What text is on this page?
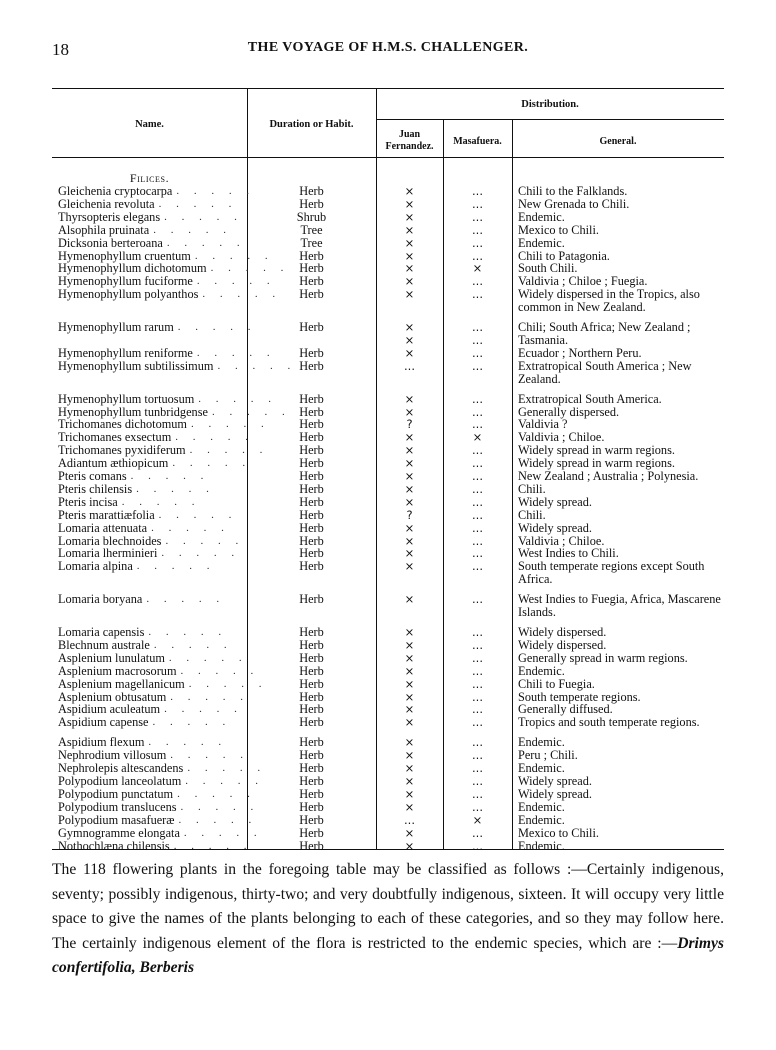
18	THE VOYAGE OF H.M.S. CHALLENGER.
Name.	Duration or Habit.
Distribution.
Juan Fernandez.	Masafuera.	General.
Filices.
Gleichenia cryptocarpa . . . . .	Herb	×	...	Chili to the Falklands.
Gleichenia revoluta . . . . .	Herb	×	...	New Grenada to Chili.
Thyrsopteris elegans . . . . .	Shrub	×	...	Endemic.
Alsophila pruinata . . . . .	Tree	×	...	Mexico to Chili.
Dicksonia berteroana . . . . .	Tree	×	...	Endemic.
Hymenophyllum cruentum . . . . .	Herb	×	...	Chili to Patagonia.
Hymenophyllum dichotomum . . . . . Herb	×	×	South Chili.
Hymenophyllum fuciforme . . . . .	Herb	×	...	Valdivia ; Chiloe ; Fuegia.
Hymenophyllum polyanthos . . . . .	Herb	×	...	Widely dispersed in the Tropics, also common in New Zealand.
Hymenophyllum rarum . . . . .	Herb	×	...	Chili; South Africa; New Zealand ;
×	...	Tasmania.
Hymenophyllum reniforme . . . . .	Herb	×	...	Ecuador ; Northern Peru.
Hymenophyllum subtilissimum . . . . . Herb	...	...	Extratropical South America ; New Zealand.
Hymenophyllum tortuosum . . . . .	Herb	×	...	Extratropical South America.
Hymenophyllum tunbridgense . . . . . Herb	×	...	Generally dispersed.
Trichomanes dichotomum . . . . .	Herb	?	...	Valdivia ?
Trichomanes exsectum . . . . .	Herb	×	×	Valdivia ; Chiloe.
Trichomanes pyxidiferum . . . . .	Herb	×	...	Widely spread in warm regions.
Adiantum æthiopicum . . . . .	Herb	×	...	Widely spread in warm regions.
Pteris comans . . . . .	Herb	×	...	New Zealand ; Australia ; Polynesia.
Pteris chilensis . . . . .	Herb	×	...	Chili.
Pteris incisa . . . . .	Herb	×	...	Widely spread.
Pteris marattiæfolia . . . . .	Herb	?	...	Chili.
Lomaria attenuata . . . . .	Herb	×	...	Widely spread.
Lomaria blechnoides . . . . .	Herb	×	...	Valdivia ; Chiloe.
Lomaria lherminieri . . . . .	Herb	×	...	West Indies to Chili.
Lomaria alpina . . . . .	Herb	×	...	South temperate regions except South Africa.
Lomaria boryana . . . . .	Herb	×	...	West Indies to Fuegia, Africa, Mascarene Islands.
Lomaria capensis . . . . .	Herb	×	...	Widely dispersed.
Blechnum australe . . . . .	Herb	×	...	Widely dispersed.
Asplenium lunulatum . . . . .	Herb	×	...	Generally spread in warm regions.
Asplenium macrosorum . . . . .	Herb	×	...	Endemic.
Asplenium magellanicum . . . . .	Herb	×	...	Chili to Fuegia.
Asplenium obtusatum . . . . .	Herb	×	...	South temperate regions.
Aspidium aculeatum . . . . .	Herb	×	...	Generally diffused.
Aspidium capense . . . . .	Herb	×	...	Tropics and south temperate regions.
Aspidium flexum . . . . .	Herb	×	...	Endemic.
Nephrodium villosum . . . . .	Herb	×	...	Peru ; Chili.
Nephrolepis altescandens . . . . .	Herb	×	...	Endemic.
Polypodium lanceolatum . . . . .	Herb	×	...	Widely spread.
Polypodium punctatum . . . . .	Herb	×	...	Widely spread.
Polypodium translucens . . . . .	Herb	×	...	Endemic.
Polypodium masafueræ . . . . .	Herb	...	×	Endemic.
Gymnogramme elongata . . . . .	Herb	×	...	Mexico to Chili.
Nothochlæna chilensis . . . . .	Herb	×	...	Endemic.
The 118 flowering plants in the foregoing table may be classified as follows :—Certainly indigenous, seventy; possibly indigenous, thirty-two; and very doubtfully indigenous, sixteen. It will occupy very little space to give the names of the plants belonging to each of these categories, and so they may follow here. The certainly indigenous element of the flora is restricted to the endemic species, which are :—Drimys confertifolia, Berberis
